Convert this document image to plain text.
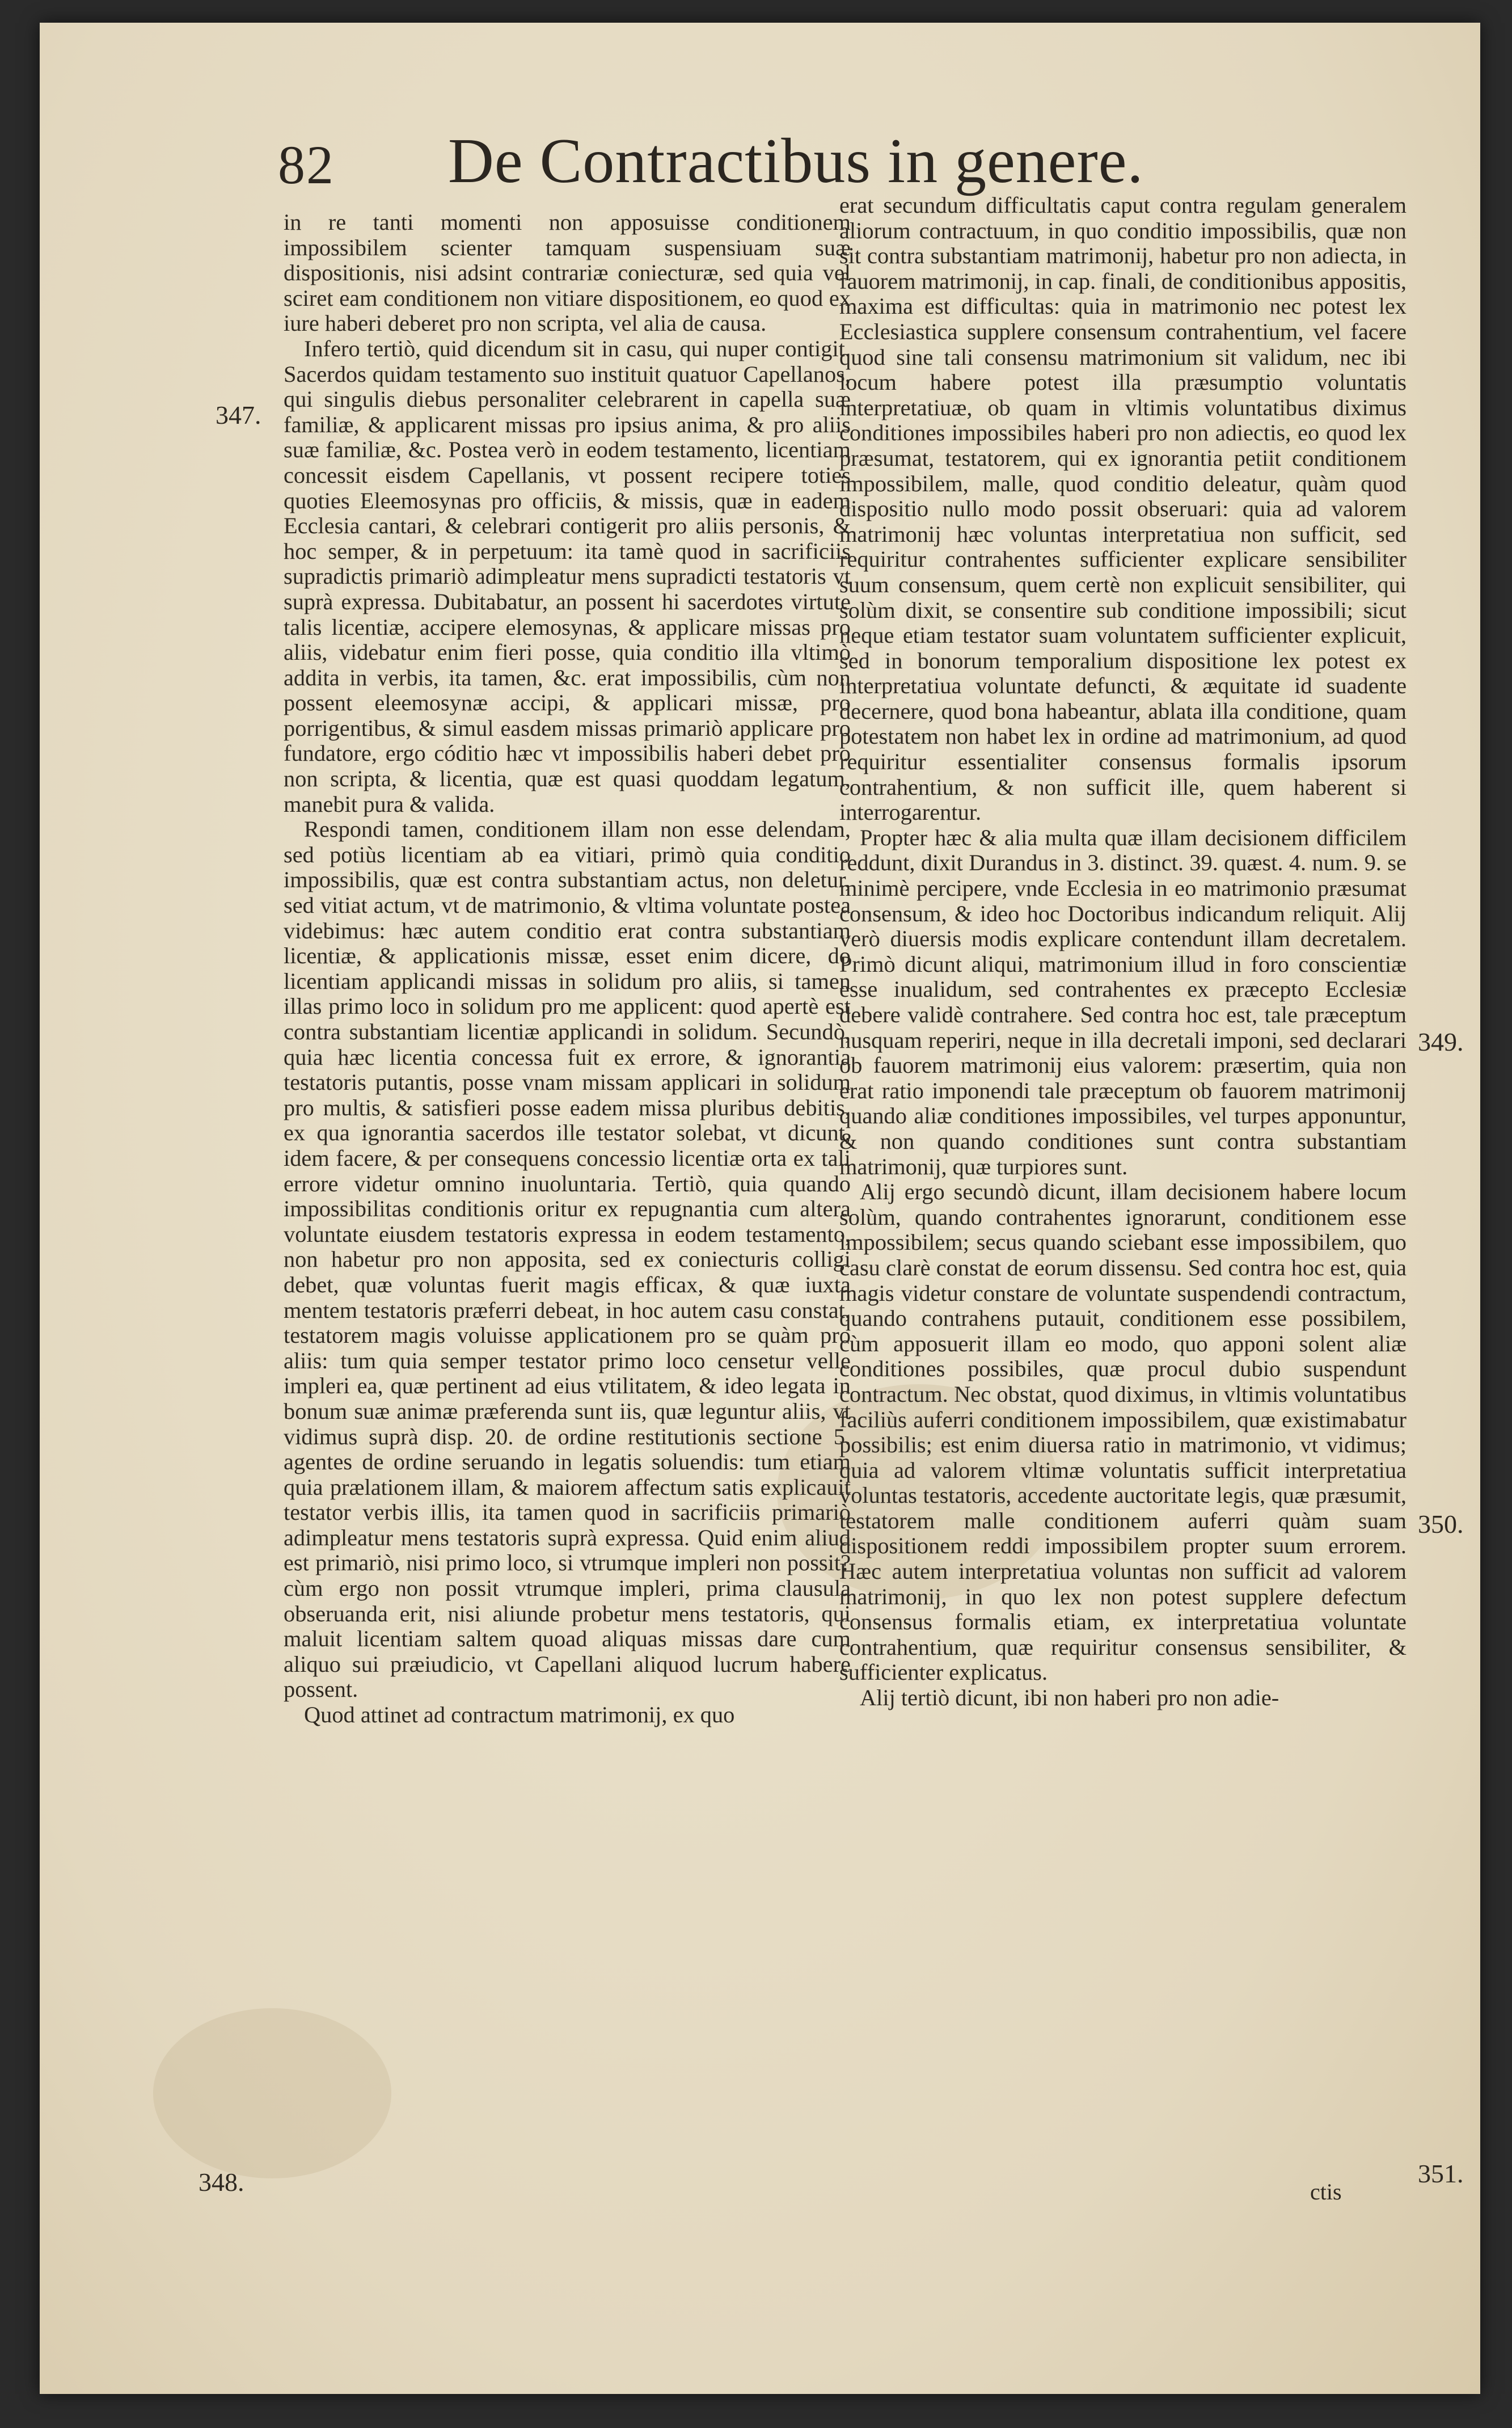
82 De Contractibus in genere.

in re tanti momenti non apposuisse conditionem impossibilem scienter tamquam suspensiuam suæ dispositionis, nisi adsint contrariæ coniecturæ, sed quia vel sciret eam conditionem non vitiare dispositionem, eo quod ex iure haberi deberet pro non scripta, vel alia de causa.

Infero tertiò, quid dicendum sit in casu, qui nuper contigit. Sacerdos quidam testamento suo instituit quatuor Capellanos, qui singulis diebus personaliter celebrarent in capella suæ familiæ, & applicarent missas pro ipsius anima, & pro aliis suæ familiæ, &c. Postea verò in eodem testamento, licentiam concessit eisdem Capellanis, vt possent recipere toties quoties Eleemosynas pro officiis, & missis, quæ in eadem Ecclesia cantari, & celebrari contigerit pro aliis personis, & hoc semper, & in perpetuum: ita tamè quod in sacrificiis supradictis primariò adimpleatur mens supradicti testatoris vt suprà expressa. Dubitabatur, an possent hi sacerdotes virtute talis licentiæ, accipere elemosynas, & applicare missas pro aliis, videbatur enim fieri posse, quia conditio illa vltimò addita in verbis, ita tamen, &c. erat impossibilis, cùm non possent eleemosynæ accipi, & applicari missæ, pro porrigentibus, & simul easdem missas primariò applicare pro fundatore, ergo códitio hæc vt impossibilis haberi debet pro non scripta, & licentia, quæ est quasi quoddam legatum, manebit pura & valida.

Respondi tamen, conditionem illam non esse delendam, sed potiùs licentiam ab ea vitiari, primò quia conditio impossibilis, quæ est contra substantiam actus, non deletur, sed vitiat actum, vt de matrimonio, & vltima voluntate postea videbimus: hæc autem conditio erat contra substantiam licentiæ, & applicationis missæ, esset enim dicere, do licentiam applicandi missas in solidum pro aliis, si tamen illas primo loco in solidum pro me applicent: quod apertè est contra substantiam licentiæ applicandi in solidum. Secundò, quia hæc licentia concessa fuit ex errore, & ignorantia testatoris putantis, posse vnam missam applicari in solidum pro multis, & satisfieri posse eadem missa pluribus debitis, ex qua ignorantia sacerdos ille testator solebat, vt dicunt, idem facere, & per consequens concessio licentiæ orta ex tali errore videtur omnino inuoluntaria. Tertiò, quia quando impossibilitas conditionis oritur ex repugnantia cum altera voluntate eiusdem testatoris expressa in eodem testamento, non habetur pro non apposita, sed ex coniecturis colligi debet, quæ voluntas fuerit magis efficax, & quæ iuxta mentem testatoris præferri debeat, in hoc autem casu constat, testatorem magis voluisse applicationem pro se quàm pro aliis: tum quia semper testator primo loco censetur velle impleri ea, quæ pertinent ad eius vtilitatem, & ideo legata in bonum suæ animæ præferenda sunt iis, quæ leguntur aliis, vt vidimus suprà disp. 20. de ordine restitutionis sectione 5. agentes de ordine seruando in legatis soluendis: tum etiam quia prælationem illam, & maiorem affectum satis explicauit testator verbis illis, ita tamen quod in sacrificiis primariò adimpleatur mens testatoris suprà expressa. Quid enim aliud est primariò, nisi primo loco, si vtrumque impleri non possit? cùm ergo non possit vtrumque impleri, prima clausula obseruanda erit, nisi aliunde probetur mens testatoris, qui maluit licentiam saltem quoad aliquas missas dare cum aliquo sui præiudicio, vt Capellani aliquod lucrum habere possent.

Quod attinet ad contractum matrimonij, ex quo

erat secundum difficultatis caput contra regulam generalem aliorum contractuum, in quo conditio impossibilis, quæ non sit contra substantiam matrimonij, habetur pro non adiecta, in fauorem matrimonij, in cap. finali, de conditionibus appositis, maxima est difficultas: quia in matrimonio nec potest lex Ecclesiastica supplere consensum contrahentium, vel facere quod sine tali consensu matrimonium sit validum, nec ibi locum habere potest illa præsumptio voluntatis interpretatiuæ, ob quam in vltimis voluntatibus diximus conditiones impossibiles haberi pro non adiectis, eo quod lex præsumat, testatorem, qui ex ignorantia petiit conditionem impossibilem, malle, quod conditio deleatur, quàm quod dispositio nullo modo possit obseruari: quia ad valorem matrimonij hæc voluntas interpretatiua non sufficit, sed requiritur contrahentes sufficienter explicare sensibiliter suum consensum, quem certè non explicuit sensibiliter, qui solùm dixit, se consentire sub conditione impossibili; sicut neque etiam testator suam voluntatem sufficienter explicuit, sed in bonorum temporalium dispositione lex potest ex interpretatiua voluntate defuncti, & æquitate id suadente decernere, quod bona habeantur, ablata illa conditione, quam potestatem non habet lex in ordine ad matrimonium, ad quod requiritur essentialiter consensus formalis ipsorum contrahentium, & non sufficit ille, quem haberent si interrogarentur.

Propter hæc & alia multa quæ illam decisionem difficilem reddunt, dixit Durandus in 3. distinct. 39. quæst. 4. num. 9. se minimè percipere, vnde Ecclesia in eo matrimonio præsumat consensum, & ideo hoc Doctoribus indicandum reliquit. Alij verò diuersis modis explicare contendunt illam decretalem. Primò dicunt aliqui, matrimonium illud in foro conscientiæ esse inualidum, sed contrahentes ex præcepto Ecclesiæ debere validè contrahere. Sed contra hoc est, tale præceptum nusquam reperiri, neque in illa decretali imponi, sed declarari ob fauorem matrimonij eius valorem: præsertim, quia non erat ratio imponendi tale præceptum ob fauorem matrimonij quando aliæ conditiones impossibiles, vel turpes apponuntur, & non quando conditiones sunt contra substantiam matrimonij, quæ turpiores sunt.

Alij ergo secundò dicunt, illam decisionem habere locum solùm, quando contrahentes ignorarunt, conditionem esse impossibilem; secus quando sciebant esse impossibilem, quo casu clarè constat de eorum dissensu. Sed contra hoc est, quia magis videtur constare de voluntate suspendendi contractum, quando contrahens putauit, conditionem esse possibilem, cùm apposuerit illam eo modo, quo apponi solent aliæ conditiones possibiles, quæ procul dubio suspendunt contractum. Nec obstat, quod diximus, in vltimis voluntatibus faciliùs auferri conditionem impossibilem, quæ existimabatur possibilis; est enim diuersa ratio in matrimonio, vt vidimus; quia ad valorem vltimæ voluntatis sufficit interpretatiua voluntas testatoris, accedente auctoritate legis, quæ præsumit, testatorem malle conditionem auferri quàm suam dispositionem reddi impossibilem propter suum errorem. Hæc autem interpretatiua voluntas non sufficit ad valorem matrimonij, in quo lex non potest supplere defectum consensus formalis etiam, ex interpretatiua voluntate contrahentium, quæ requiritur consensus sensibiliter, & sufficienter explicatus.

Alij tertiò dicunt, ibi non haberi pro non adie-

347.
348.
349.
350.
351.
ctis
